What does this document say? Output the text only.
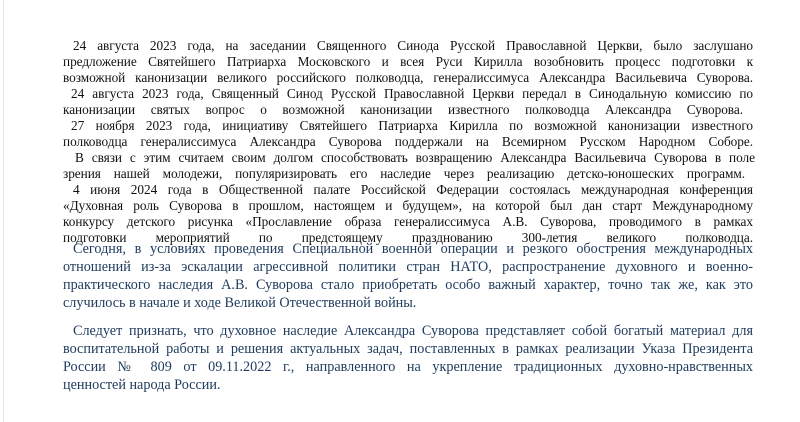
24 августа 2023 года, на заседании Священного Синода Русской Православной Церкви, было заслушано
предложение Святейшего Патриарха Московского и всея Руси Кирилла возобновить процесс подготовки к
возможной канонизации великого российского полководца, генералиссимуса Александра Васильевича Суворова.
24 августа 2023 года, Священный Синод Русской Православной Церкви передал в Синодальную комиссию по
канонизации святых вопрос о возможной канонизации известного полководца Александра Суворова.
27 ноября 2023 года, инициативу Святейшего Патриарха Кирилла по возможной канонизации известного
полководца генералиссимуса Александра Суворова поддержали на Всемирном Русском Народном Соборе.
В связи с этим считаем своим долгом способствовать возвращению Александра Васильевича Суворова в поле
зрения нашей молодежи, популяризировать его наследие через реализацию детско-юношеских программ.
4 июня 2024 года в Общественной палате Российской Федерации состоялась международная конференция
«Духовная роль Суворова в прошлом, настоящем и будущем», на которой был дан старт Международному
конкурсу детского рисунка «Прославление образа генералиссимуса А.В. Суворова, проводимого в рамках
подготовки мероприятий по предстоящему празднованию 300-летия великого полководца.
Сегодня, в условиях проведения Специальной военной операции и резкого обострения международных
отношений из-за эскалации агрессивной политики стран НАТО, распространение духовного и военно-
практического наследия А.В. Суворова стало приобретать особо важный характер, точно так же, как это
случилось в начале и ходе Великой Отечественной войны.
Следует признать, что духовное наследие Александра Суворова представляет собой богатый материал для
воспитательной работы и решения актуальных задач, поставленных в рамках реализации Указа Президента
России № 809 от 09.11.2022 г., направленного на укрепление традиционных духовно-нравственных
ценностей народа России.
